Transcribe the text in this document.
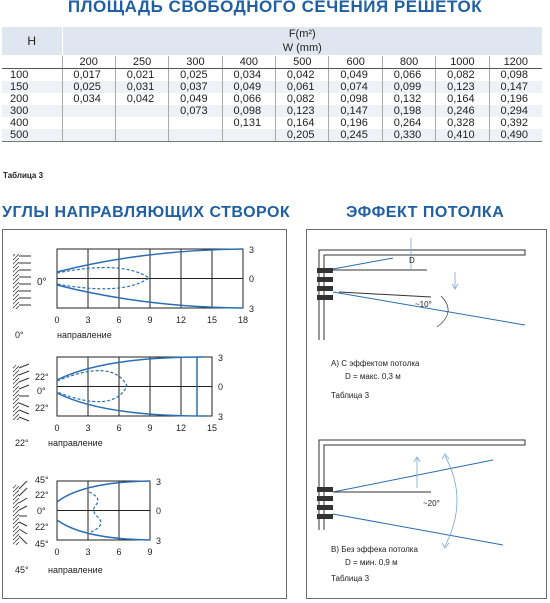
ПЛОЩАДЬ СВОБОДНОГО СЕЧЕНИЯ РЕШЕТОК
H	F(m²)								
	W (mm)								
	200	250	300	400	500	600	800	1000	1200
100	0,017	0,021	0,025	0,034	0,042	0,049	0,066	0,082	0,098
150	0,025	0,031	0,037	0,049	0,061	0,074	0,099	0,123	0,147
200	0,034	0,042	0,049	0,066	0,082	0,098	0,132	0,164	0,196
300			0,073	0,098	0,123	0,147	0,198	0,246	0,294
400				0,131	0,164	0,196	0,264	0,328	0,392
500					0,205	0,245	0,330	0,410	0,490
Таблица 3
УГЛЫ НАПРАВЛЯЮЩИХ СТВОРОК	ЭФФЕКТ ПОТОЛКА
0°
3
0
3
0	3	6	9	12 15 18
0°	направление
22°
0°
22°
3
0
3
0	3	6	9	12 15
22° направление
45°
22°
0°
22°
45°
3
0
3
0	3	6	9
45° направление
D
~10°
A) С эффектом потолка
D = макс. 0,3 м
Таблица 3
~20°
B) Без эффека потолка
D = мин. 0,9 м
Таблица 3
